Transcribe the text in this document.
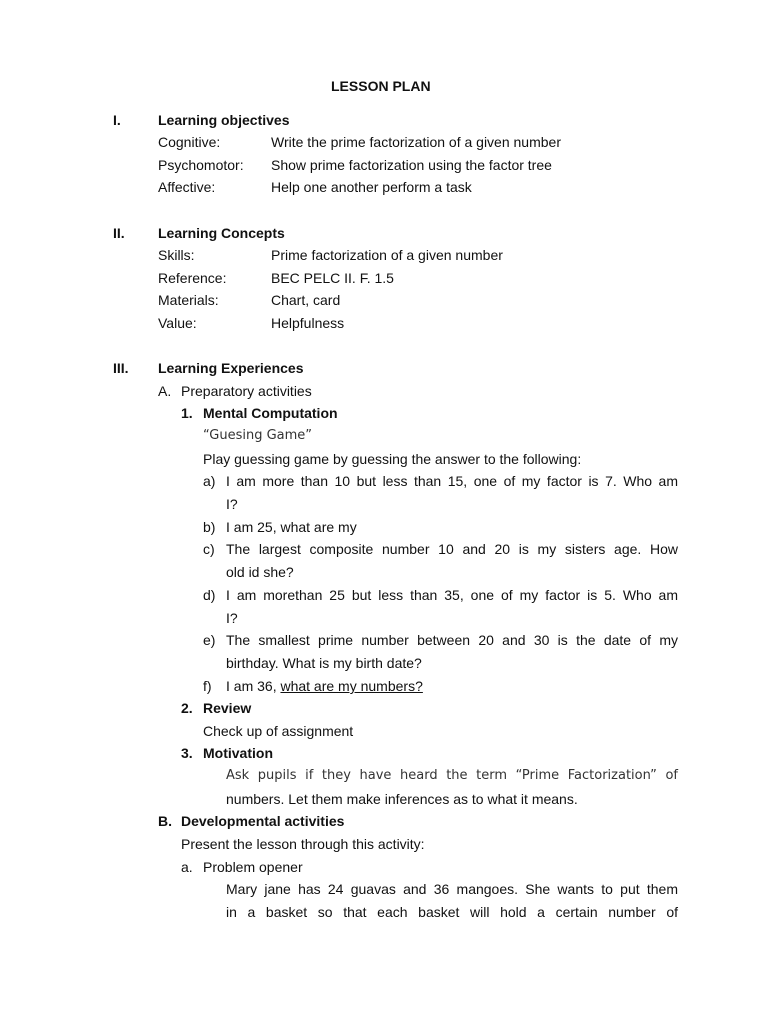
LESSON PLAN
I.	Learning objectives
Cognitive:	Write the prime factorization of a given number
Psychomotor: Show prime factorization using the factor tree
Affective:	Help one another perform a task
II. Learning Concepts
Skills:	Prime factorization of a given number
Reference:	BEC PELC II. F. 1.5
Materials:	Chart, card
Value:	Helpfulness
III. Learning Experiences
A. Preparatory activities
1. Mental Computation
“Guesing Game”
Play guessing game by guessing the answer to the following:
a) I am more than 10 but less than 15, one of my factor is 7. Who am
I?
b) I am 25, what are my
c) The largest composite number 10 and 20 is my sisters age. How
old id she?
d) I am morethan 25 but less than 35, one of my factor is 5. Who am
I?
e) The smallest prime number between 20 and 30 is the date of my
birthday. What is my birth date?
f) I am 36, what are my numbers?
2. Review
Check up of assignment
3. Motivation
Ask pupils if they have heard the term “Prime Factorization” of
numbers. Let them make inferences as to what it means.
B. Developmental activities
Present the lesson through this activity:
a. Problem opener
Mary jane has 24 guavas and 36 mangoes. She wants to put them
in a basket so that each basket will hold a certain number of
